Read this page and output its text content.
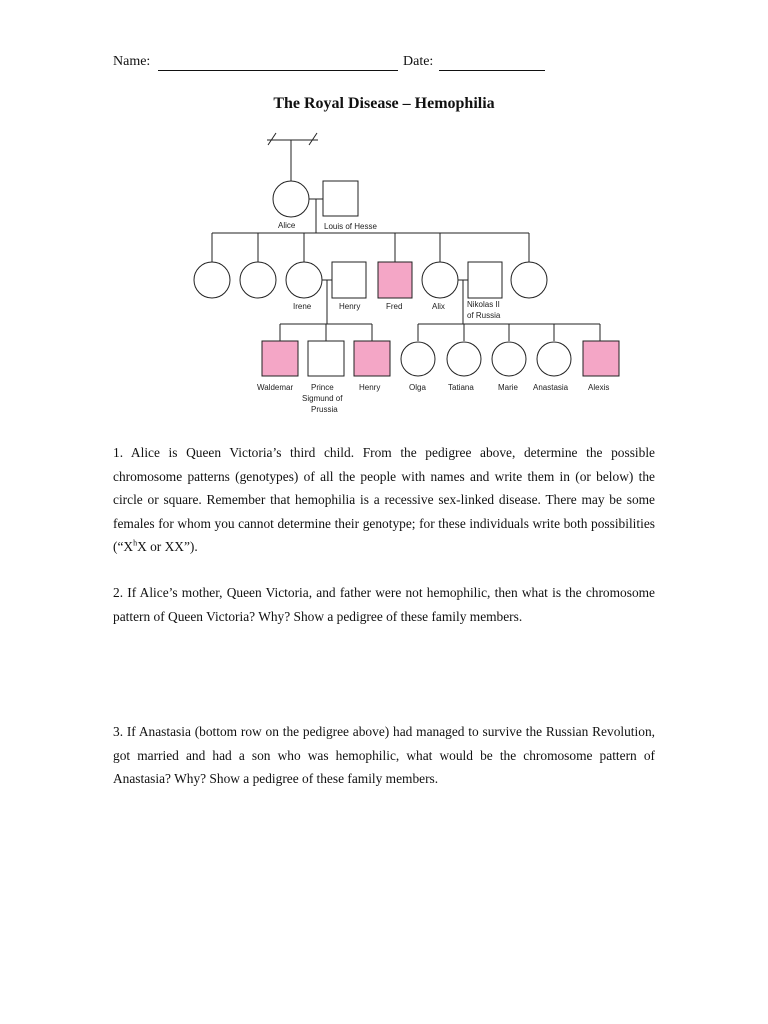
Name:	Date:
The Royal Disease – Hemophilia
Alice	Louis of Hesse
Irene	Henry	Fred	Alix	Nikolas II
of Russia
Waldemar Prince
Sigmund of
Prussia
Henry	Olga	Tatiana	Marie Anastasia Alexis
1. Alice is Queen Victoria’s third child. From the pedigree above, determine the possible chromosome patterns (genotypes) of all the people with names and write them in (or below) the circle or square. Remember that hemophilia is a recessive sex-linked disease. There may be some females for whom you cannot determine their genotype; for these individuals write both possibilities (“$X^hX$ or XX”).
2. If Alice’s mother, Queen Victoria, and father were not hemophilic, then what is the chromosome pattern of Queen Victoria? Why? Show a pedigree of these family members.
3. If Anastasia (bottom row on the pedigree above) had managed to survive the Russian Revolution, got married and had a son who was hemophilic, what would be the chromosome pattern of Anastasia? Why? Show a pedigree of these family members.
